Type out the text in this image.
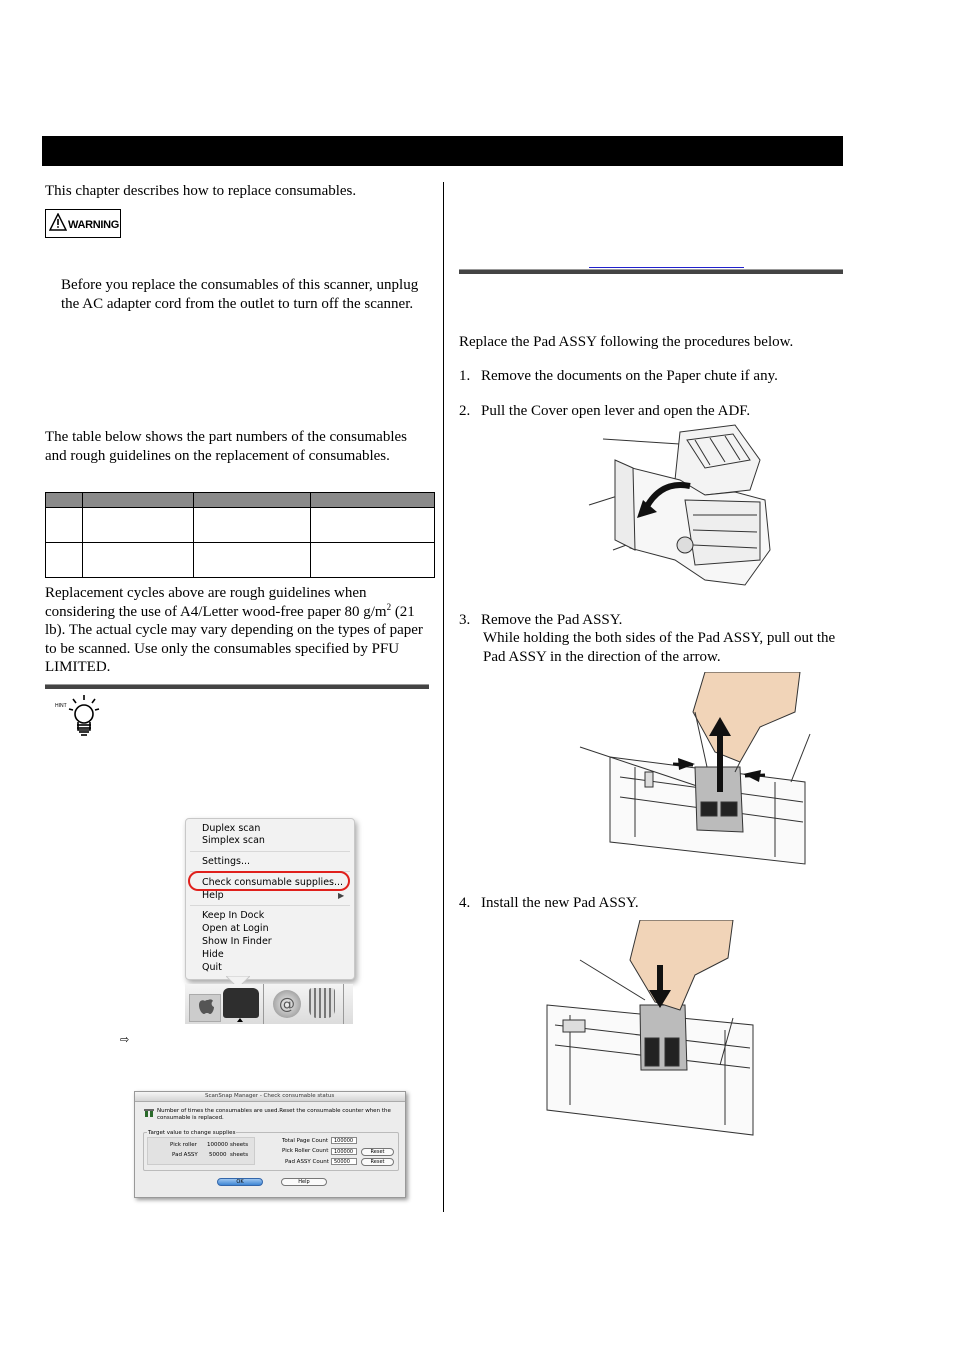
This chapter describes how to replace consumables.
WARNING
Before you replace the consumables of this scanner, unplug the AC adapter cord from the outlet to turn off the scanner.
The table below shows the part numbers of the consumables and rough guidelines on the replacement of consumables.

Replacement cycles above are rough guidelines when considering the use of A4/Letter wood-free paper 80 $g/m^2$ (21 lb). The actual cycle may vary depending on the types of paper to be scanned. Use only the consumables specified by PFU LIMITED.
HINT
Duplex scan
Simplex scan
Settings...
Check consumable supplies...
Help	▶
Keep In Dock
Open at Login
Show In Finder
Hide
Quit
@
⇨
ScanSnap Manager - Check consumable status
Number of times the consumables are used.Reset the consumable counter when the consumable is replaced.
Target value to change supplies
Pick roller 100000 sheets
Pad ASSY 50000 sheets
Total Page Count	100000
Pick Roller Count	100000	Reset
Pad ASSY Count	50000	Reset
OK	Help
Replace the Pad ASSY following the procedures below.
1. Remove the documents on the Paper chute if any.
2. Pull the Cover open lever and open the ADF.
3. Remove the Pad ASSY.
While holding the both sides of the Pad ASSY, pull out the Pad ASSY in the direction of the arrow.
4. Install the new Pad ASSY.
